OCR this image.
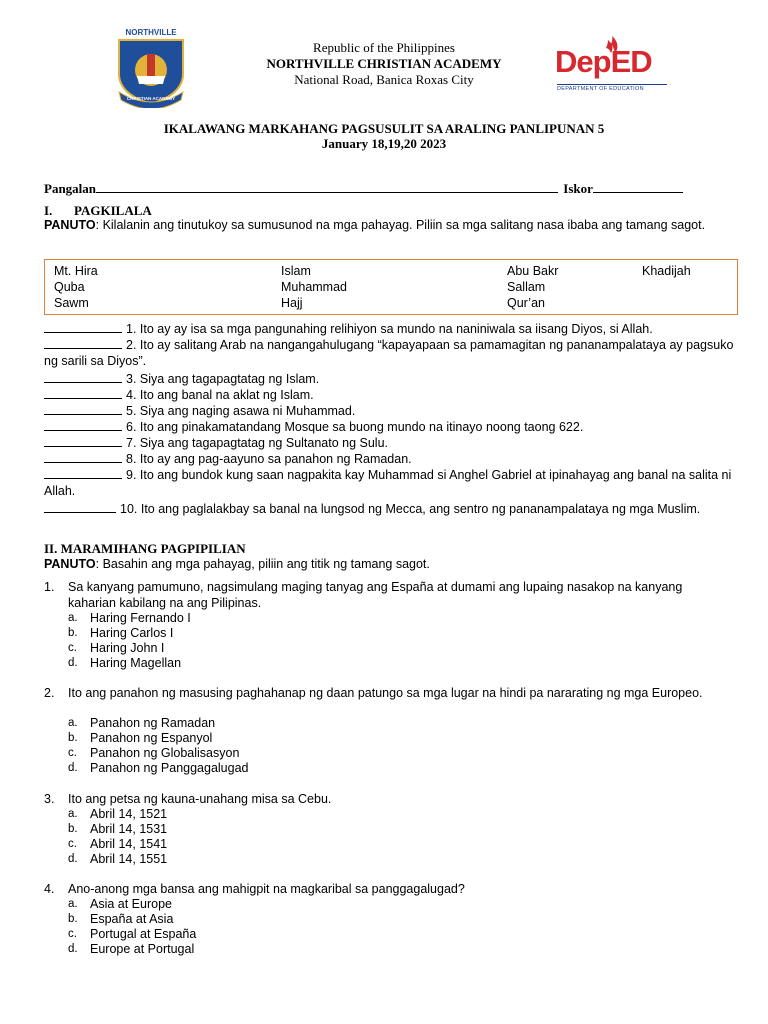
NORTHVILLE
CHRISTIAN ACADEMY
Republic of the Philippines
NORTHVILLE CHRISTIAN ACADEMY
National Road, Banica Roxas City
DepED
DEPARTMENT OF EDUCATION
IKALAWANG MARKAHANG PAGSUSULIT SA ARALING PANLIPUNAN 5
January 18,19,20 2023
Pangalan	Iskor
I. PAGKILALA
PANUTO: Kilalanin ang tinutukoy sa sumusunod na mga pahayag. Piliin sa mga salitang nasa ibaba ang tamang sagot.
Mt. Hira	Islam	Abu Bakr	Khadijah
Quba	Muhammad	Sallam
Sawm	Hajj	Qur’an
1. Ito ay ay isa sa mga pangunahing relihiyon sa mundo na naniniwala sa iisang Diyos, si Allah.
2. Ito ay salitang Arab na nangangahulugang “kapayapaan sa pamamagitan ng pananampalataya ay pagsuko ng sarili sa Diyos”.
3. Siya ang tagapagtatag ng Islam.
4. Ito ang banal na aklat ng Islam.
5. Siya ang naging asawa ni Muhammad.
6. Ito ang pinakamatandang Mosque sa buong mundo na itinayo noong taong 622.
7. Siya ang tagapagtatag ng Sultanato ng Sulu.
8. Ito ay ang pag-aayuno sa panahon ng Ramadan.
9. Ito ang bundok kung saan nagpakita kay Muhammad si Anghel Gabriel at ipinahayag ang banal na salita ni Allah.
10. Ito ang paglalakbay sa banal na lungsod ng Mecca, ang sentro ng pananampalataya ng mga Muslim.
II. MARAMIHANG PAGPIPILIAN
PANUTO: Basahin ang mga pahayag, piliin ang titik ng tamang sagot.
1. Sa kanyang pamumuno, nagsimulang maging tanyag ang España at dumami ang lupaing nasakop na kanyang kaharian kabilang na ang Pilipinas.
a. Haring Fernando I
b. Haring Carlos I
c. Haring John I
d. Haring Magellan
2. Ito ang panahon ng masusing paghahanap ng daan patungo sa mga lugar na hindi pa nararating ng mga Europeo.
a. Panahon ng Ramadan
b. Panahon ng Espanyol
c. Panahon ng Globalisasyon
d. Panahon ng Panggagalugad
3. Ito ang petsa ng kauna-unahang misa sa Cebu.
a. Abril 14, 1521
b. Abril 14, 1531
c. Abril 14, 1541
d. Abril 14, 1551
4. Ano-anong mga bansa ang mahigpit na magkaribal sa panggagalugad?
a. Asia at Europe
b. España at Asia
c. Portugal at España
d. Europe at Portugal
